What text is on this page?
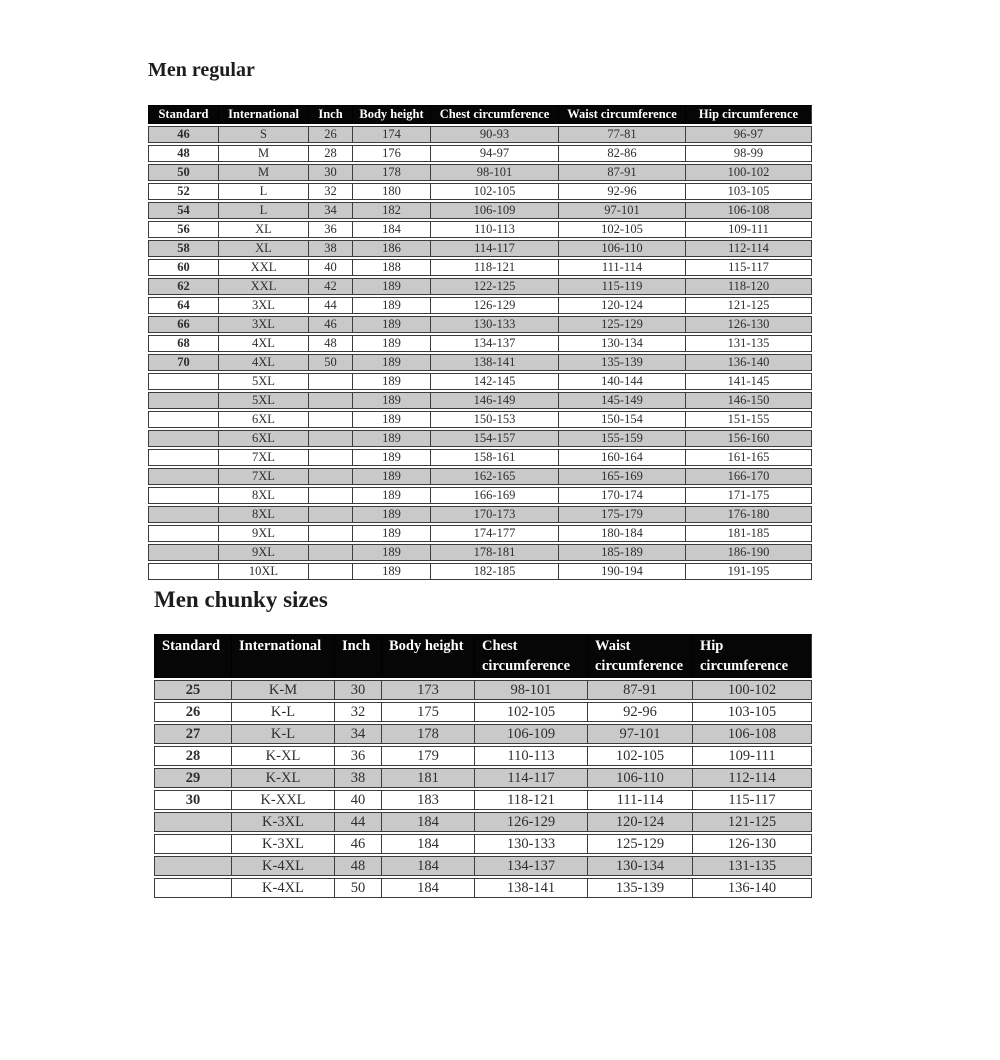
Men regular
Standard	International	Inch	Body height	Chest circumference	Waist circumference	Hip circumference
46	S	26	174	90-93	77-81	96-97
48	M	28	176	94-97	82-86	98-99
50	M	30	178	98-101	87-91	100-102
52	L	32	180	102-105	92-96	103-105
54	L	34	182	106-109	97-101	106-108
56	XL	36	184	110-113	102-105	109-111
58	XL	38	186	114-117	106-110	112-114
60	XXL	40	188	118-121	111-114	115-117
62	XXL	42	189	122-125	115-119	118-120
64	3XL	44	189	126-129	120-124	121-125
66	3XL	46	189	130-133	125-129	126-130
68	4XL	48	189	134-137	130-134	131-135
70	4XL	50	189	138-141	135-139	136-140
	5XL		189	142-145	140-144	141-145
	5XL		189	146-149	145-149	146-150
	6XL		189	150-153	150-154	151-155
	6XL		189	154-157	155-159	156-160
	7XL		189	158-161	160-164	161-165
	7XL		189	162-165	165-169	166-170
	8XL		189	166-169	170-174	171-175
	8XL		189	170-173	175-179	176-180
	9XL		189	174-177	180-184	181-185
	9XL		189	178-181	185-189	186-190
	10XL		189	182-185	190-194	191-195
Men chunky sizes
Standard	International	Inch	Body height	Chest circumference	Waist circumference	Hip circumference
25	K-M	30	173	98-101	87-91	100-102
26	K-L	32	175	102-105	92-96	103-105
27	K-L	34	178	106-109	97-101	106-108
28	K-XL	36	179	110-113	102-105	109-111
29	K-XL	38	181	114-117	106-110	112-114
30	K-XXL	40	183	118-121	111-114	115-117
	K-3XL	44	184	126-129	120-124	121-125
	K-3XL	46	184	130-133	125-129	126-130
	K-4XL	48	184	134-137	130-134	131-135
	K-4XL	50	184	138-141	135-139	136-140
